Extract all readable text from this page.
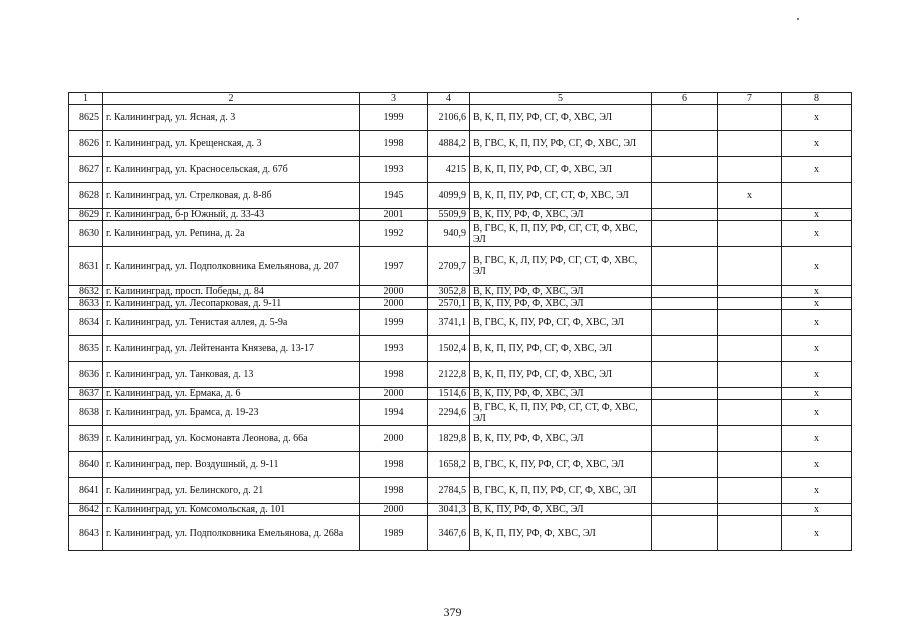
1	2	3	4	5	6	7	8
8625	г. Калининград, ул. Ясная, д. 3	1999	2106,6	В, К, П, ПУ, РФ, СГ, Ф, ХВС, ЭЛ			x
8626	г. Калининград, ул. Крещенская, д. 3	1998	4884,2	В, ГВС, К, П, ПУ, РФ, СГ, Ф, ХВС, ЭЛ			x
8627	г. Калининград, ул. Красносельская, д. 67б	1993	4215	В, К, П, ПУ, РФ, СГ, Ф, ХВС, ЭЛ			x
8628	г. Калининград, ул. Стрелковая, д. 8-8б	1945	4099,9	В, К, П, ПУ, РФ, СГ, СТ, Ф, ХВС, ЭЛ		x	
8629	г. Калининград, б-р Южный, д. 33-43	2001	5509,9	В, К, ПУ, РФ, Ф, ХВС, ЭЛ			x
8630	г. Калининград, ул. Репина, д. 2а	1992	940,9	В, ГВС, К, П, ПУ, РФ, СГ, СТ, Ф, ХВС, ЭЛ			x
8631	г. Калининград, ул. Подполковника Емельянова, д. 207	1997	2709,7	В, ГВС, К, Л, ПУ, РФ, СГ, СТ, Ф, ХВС, ЭЛ			x
8632	г. Калининград, просп. Победы, д. 84	2000	3052,8	В, К, ПУ, РФ, Ф, ХВС, ЭЛ			x
8633	г. Калининград, ул. Лесопарковая, д. 9-11	2000	2570,1	В, К, ПУ, РФ, Ф, ХВС, ЭЛ			x
8634	г. Калининград, ул. Тенистая аллея, д. 5-9а	1999	3741,1	В, ГВС, К, ПУ, РФ, СГ, Ф, ХВС, ЭЛ			x
8635	г. Калининград, ул. Лейтенанта Князева, д. 13-17	1993	1502,4	В, К, П, ПУ, РФ, СГ, Ф, ХВС, ЭЛ			x
8636	г. Калининград, ул. Танковая, д. 13	1998	2122,8	В, К, П, ПУ, РФ, СГ, Ф, ХВС, ЭЛ			x
8637	г. Калининград, ул. Ермака, д. 6	2000	1514,6	В, К, ПУ, РФ, Ф, ХВС, ЭЛ			x
8638	г. Калининград, ул. Брамса, д. 19-23	1994	2294,6	В, ГВС, К, П, ПУ, РФ, СГ, СТ, Ф, ХВС, ЭЛ			x
8639	г. Калининград, ул. Космонавта Леонова, д. 66а	2000	1829,8	В, К, ПУ, РФ, Ф, ХВС, ЭЛ			x
8640	г. Калининград, пер. Воздушный, д. 9-11	1998	1658,2	В, ГВС, К, ПУ, РФ, СГ, Ф, ХВС, ЭЛ			x
8641	г. Калининград, ул. Белинского, д. 21	1998	2784,5	В, ГВС, К, П, ПУ, РФ, СГ, Ф, ХВС, ЭЛ			x
8642	г. Калининград, ул. Комсомольская, д. 101	2000	3041,3	В, К, ПУ, РФ, Ф, ХВС, ЭЛ			x
8643	г. Калининград, ул. Подполковника Емельянова, д. 268а	1989	3467,6	В, К, П, ПУ, РФ, Ф, ХВС, ЭЛ			x
379
